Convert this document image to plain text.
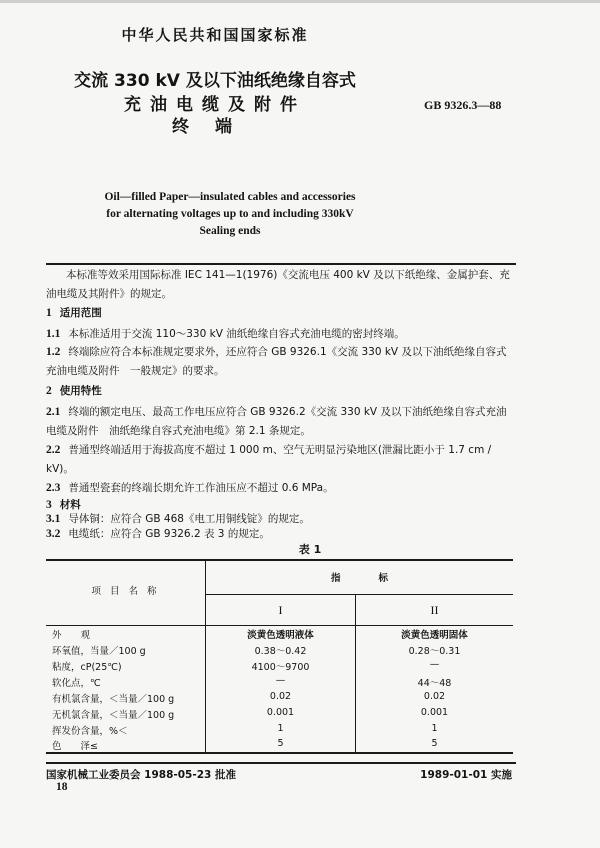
中华人民共和国国家标准
交流 330 kV 及以下油纸绝缘自容式
充油电缆及附件
终端
GB 9326.3—88
Oil—filled Paper—insulated cables and accessories
for alternating voltages up to and including 330kV
Sealing ends
本标准等效采用国际标准 IEC 141—1(1976)《交流电压 400 kV 及以下纸绝缘、金属护套、充油电缆及其附件》的规定。
1 适用范围
1.1 本标准适用于交流 110～330 kV 油纸绝缘自容式充油电缆的密封终端。
1.2 终端除应符合本标准规定要求外，还应符合 GB 9326.1《交流 330 kV 及以下油纸绝缘自容式充油电缆及附件　一般规定》的要求。
2 使用特性
2.1 终端的额定电压、最高工作电压应符合 GB 9326.2《交流 330 kV 及以下油纸绝缘自容式充油电缆及附件　油纸绝缘自容式充油电缆》第 2.1 条规定。
2.2 普通型终端适用于海拔高度不超过 1 000 m、空气无明显污染地区(泄漏比距小于 1.7 cm / kV)。
2.3 普通型瓷套的终端长期允许工作油压应不超过 0.6 MPa。
3 材料
3.1 导体铜：应符合 GB 468《电工用铜线锭》的规定。
3.2 电缆纸：应符合 GB 9326.2 表 3 的规定。
表 1
项 目 名 称
指　　　　标
I	II
外　　观	淡黄色透明液体	淡黄色透明固体
环氧值，当量／100 g	0.38～0.42	0.28～0.31
粘度，cP(25℃)	4100～9700	—
软化点，℃	—	44～48
有机氯含量，＜当量／100 g	0.02	0.02
无机氯含量，＜当量／100 g	0.001	0.001
挥发份含量，%＜	1	1
色　　泽≤	5	5
国家机械工业委员会 1988-05-23 批准	1989-01-01 实施
18
